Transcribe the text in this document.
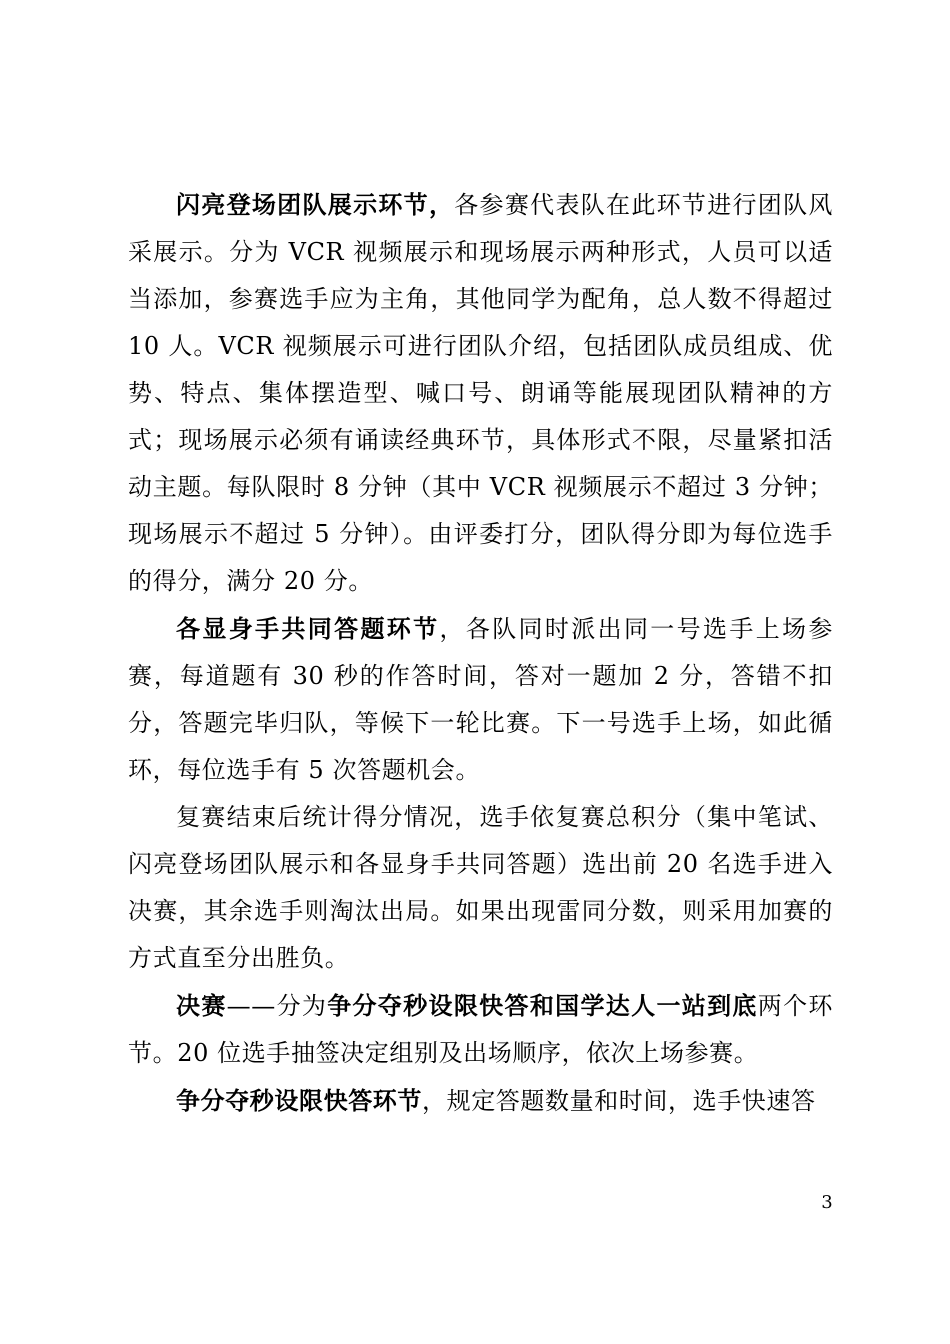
闪亮登场团队展示环节，各参赛代表队在此环节进行团队风采展示。分为 VCR 视频展示和现场展示两种形式，人员可以适当添加，参赛选手应为主角，其他同学为配角，总人数不得超过 10 人。VCR 视频展示可进行团队介绍，包括团队成员组成、优势、特点、集体摆造型、喊口号、朗诵等能展现团队精神的方式；现场展示必须有诵读经典环节，具体形式不限，尽量紧扣活动主题。每队限时 8 分钟（其中 VCR 视频展示不超过 3 分钟；现场展示不超过 5 分钟）。由评委打分，团队得分即为每位选手的得分，满分 20 分。

各显身手共同答题环节，各队同时派出同一号选手上场参赛，每道题有 30 秒的作答时间，答对一题加 2 分，答错不扣分，答题完毕归队，等候下一轮比赛。下一号选手上场，如此循环，每位选手有 5 次答题机会。

复赛结束后统计得分情况，选手依复赛总积分（集中笔试、闪亮登场团队展示和各显身手共同答题）选出前 20 名选手进入决赛，其余选手则淘汰出局。如果出现雷同分数，则采用加赛的方式直至分出胜负。

决赛——分为争分夺秒设限快答和国学达人一站到底两个环节。20 位选手抽签决定组别及出场顺序，依次上场参赛。

争分夺秒设限快答环节，规定答题数量和时间，选手快速答

3
